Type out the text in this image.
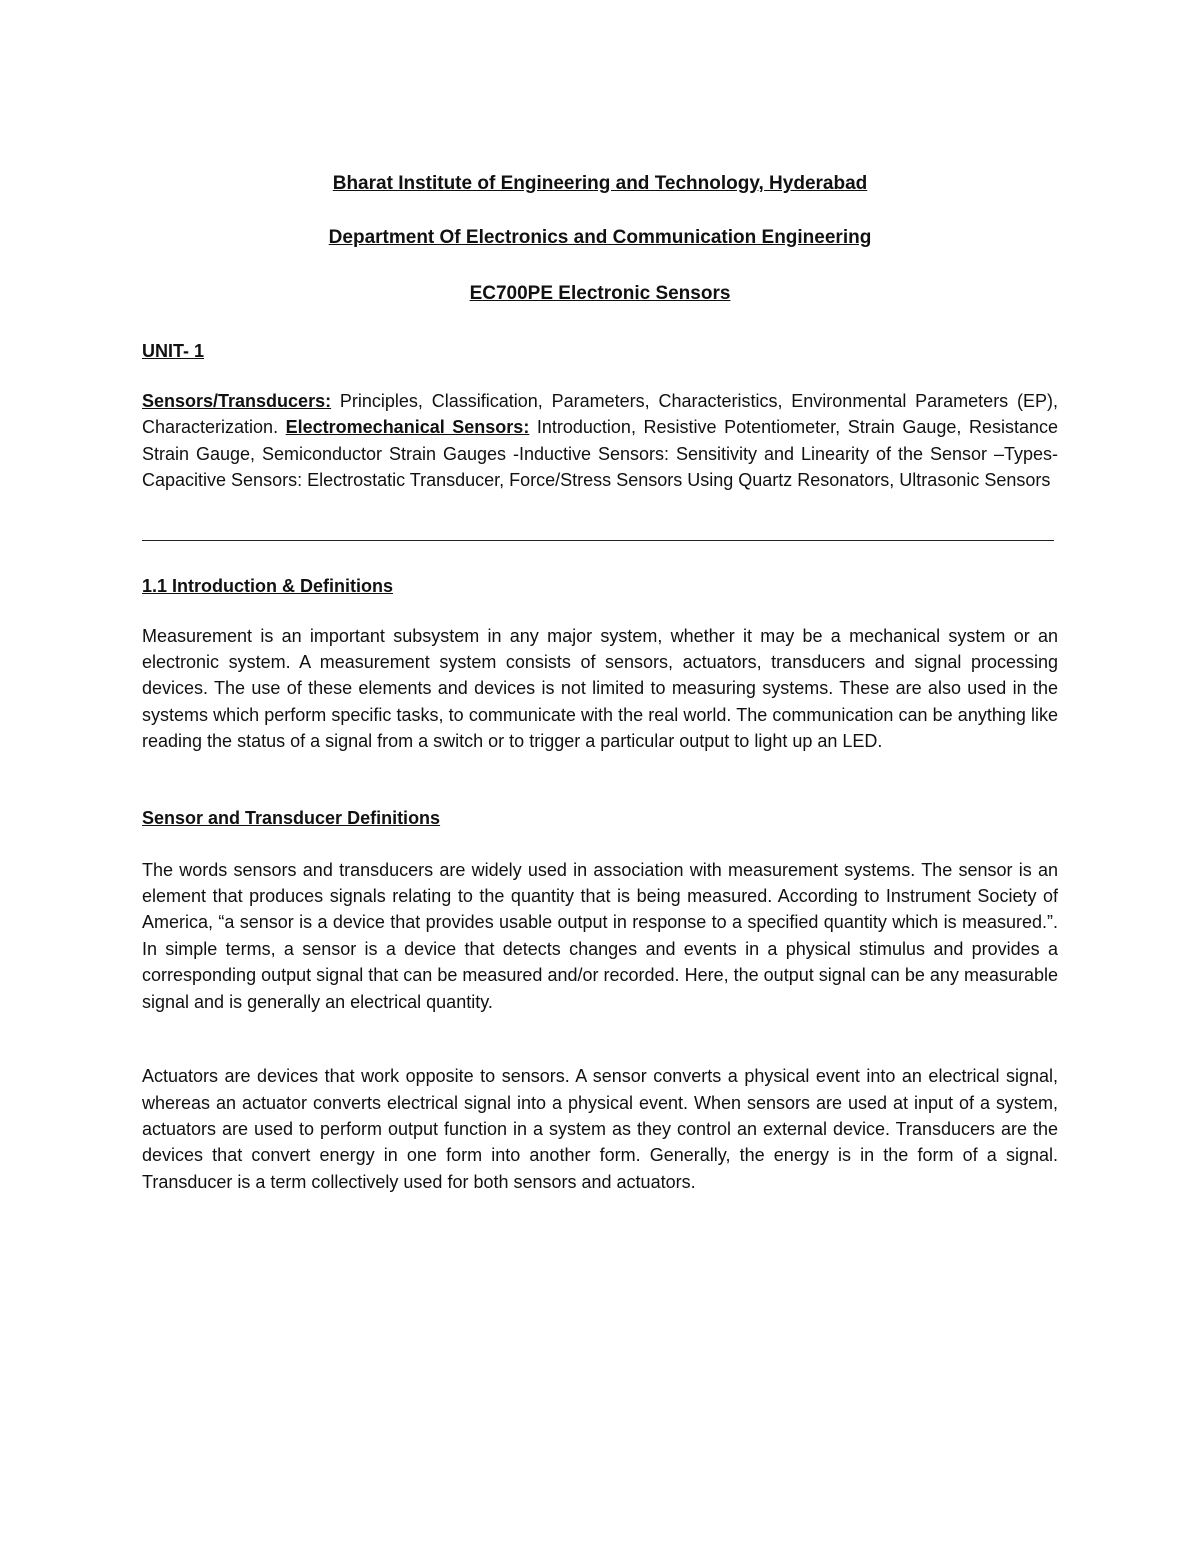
Bharat Institute of Engineering and Technology, Hyderabad

Department Of Electronics and Communication Engineering

EC700PE Electronic Sensors

UNIT- 1

Sensors/Transducers: Principles, Classification, Parameters, Characteristics, Environmental Parameters (EP), Characterization. Electromechanical Sensors: Introduction, Resistive Potentiometer, Strain Gauge, Resistance Strain Gauge, Semiconductor Strain Gauges -Inductive Sensors: Sensitivity and Linearity of the Sensor –Types-Capacitive Sensors: Electrostatic Transducer, Force/Stress Sensors Using Quartz Resonators, Ultrasonic Sensors

1.1 Introduction & Definitions

Measurement is an important subsystem in any major system, whether it may be a mechanical system or an electronic system. A measurement system consists of sensors, actuators, transducers and signal processing devices. The use of these elements and devices is not limited to measuring systems. These are also used in the systems which perform specific tasks, to communicate with the real world. The communication can be anything like reading the status of a signal from a switch or to trigger a particular output to light up an LED.

Sensor and Transducer Definitions

The words sensors and transducers are widely used in association with measurement systems. The sensor is an element that produces signals relating to the quantity that is being measured. According to Instrument Society of America, “a sensor is a device that provides usable output in response to a specified quantity which is measured.”. In simple terms, a sensor is a device that detects changes and events in a physical stimulus and provides a corresponding output signal that can be measured and/or recorded. Here, the output signal can be any measurable signal and is generally an electrical quantity.

Actuators are devices that work opposite to sensors. A sensor converts a physical event into an electrical signal, whereas an actuator converts electrical signal into a physical event. When sensors are used at input of a system, actuators are used to perform output function in a system as they control an external device. Transducers are the devices that convert energy in one form into another form. Generally, the energy is in the form of a signal. Transducer is a term collectively used for both sensors and actuators.
